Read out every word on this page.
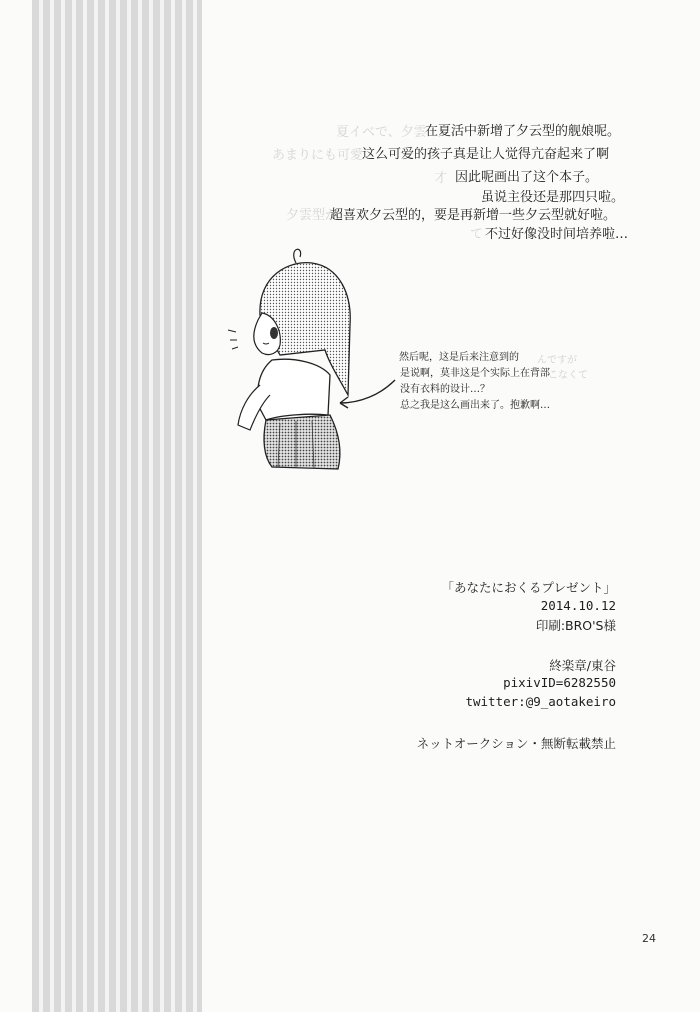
夏イベで、夕雲
あまりにも可愛
才
夕雲型が
て
在夏活中新增了夕云型的舰娘呢。
这么可爱的孩子真是让人觉得亢奋起来了啊
因此呢画出了这个本子。
虽说主役还是那四只啦。
超喜欢夕云型的，要是再新增一些夕云型就好啦。
不过好像没时间培养啦…
んですが
こなくて
然后呢，这是后来注意到的
是说啊，莫非这是个实际上在背部
没有衣料的设计…？
总之我是这么画出来了。抱歉啊…
「あなたにおくるプレゼント」
2014.10.12
印刷:BRO'S様
終楽章/東谷
pixivID=6282550
twitter:@9_aotakeiro
ネットオークション・無断転載禁止
24
